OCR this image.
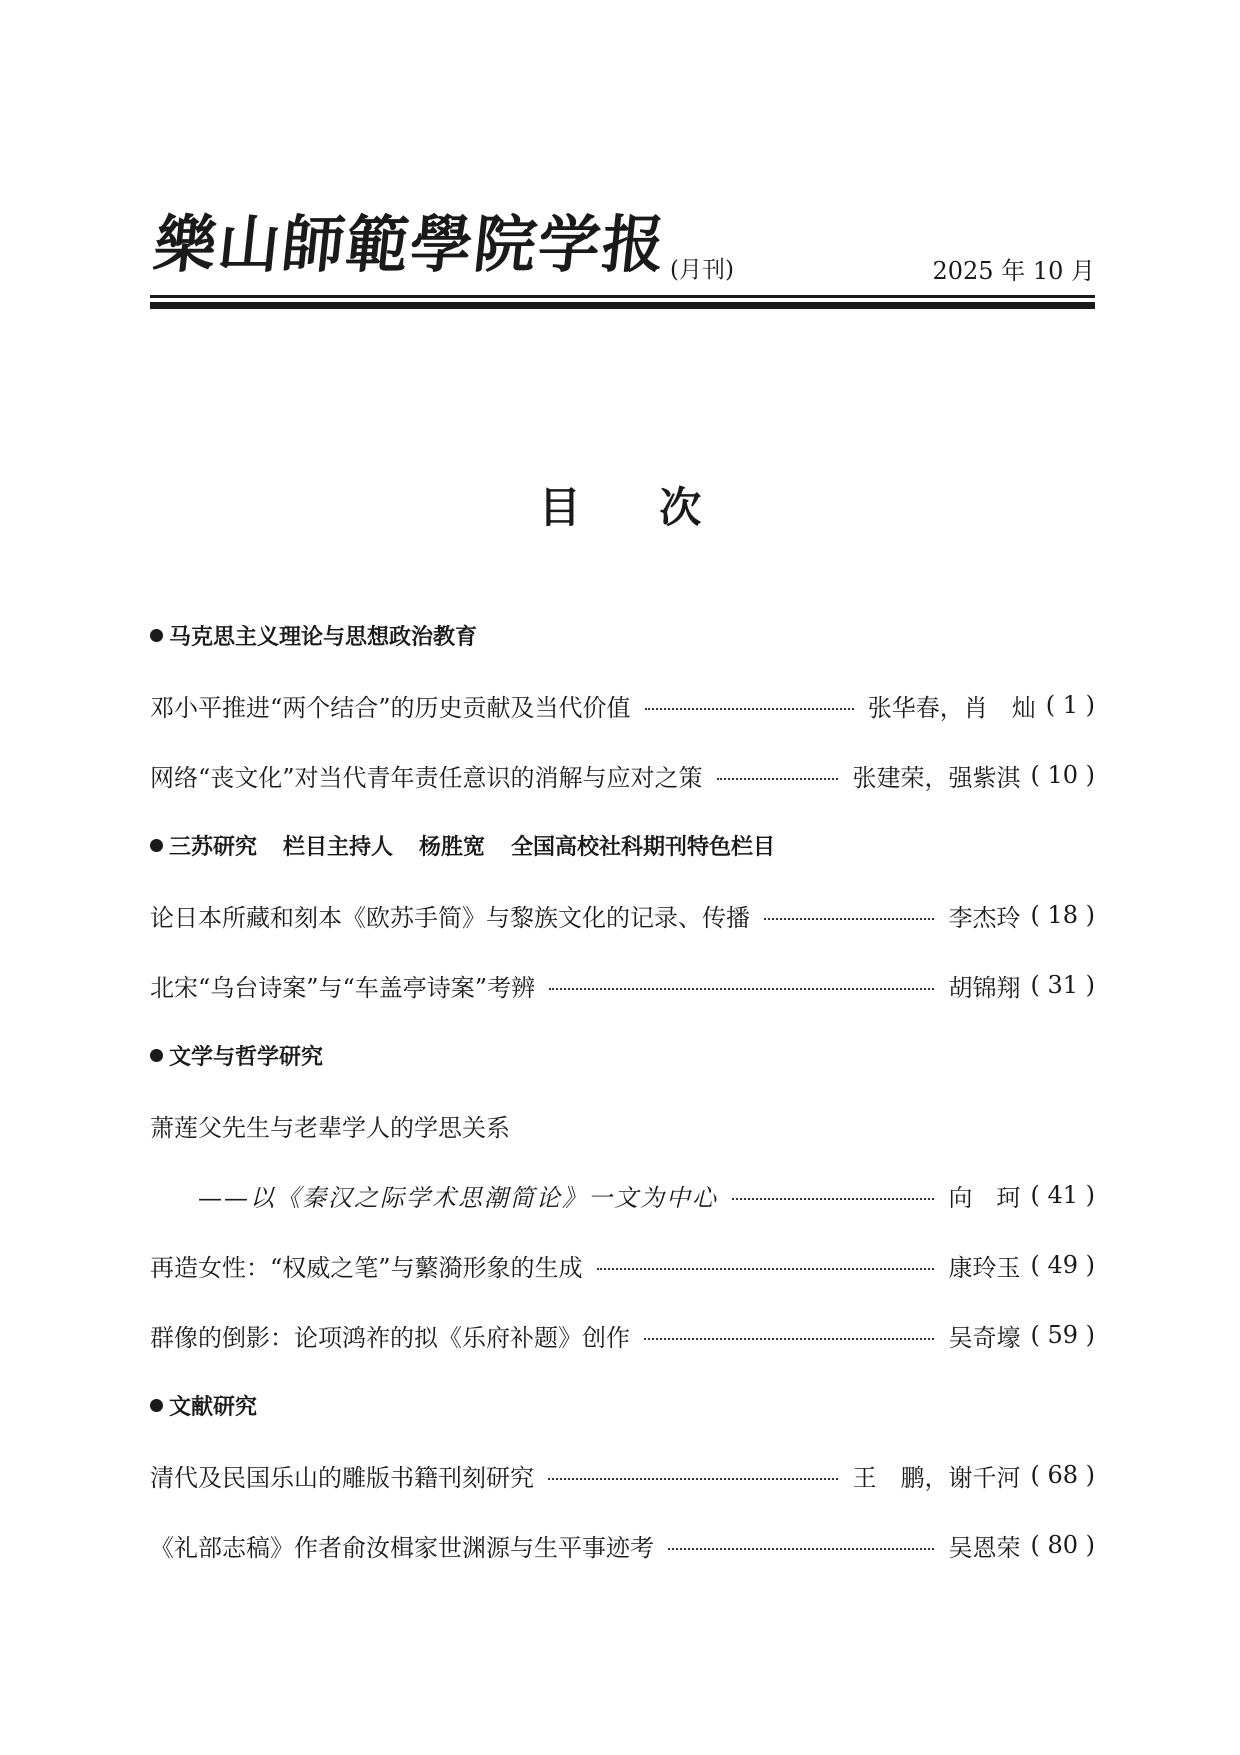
樂山師範學院学报 (月刊)	2025 年 10 月
目 次
马克思主义理论与思想政治教育
邓小平推进“两个结合”的历史贡献及当代价值	张华春，肖　灿 ( 1 )
网络“丧文化”对当代青年责任意识的消解与应对之策	张建荣，强紫淇 ( 10 )
三苏研究 栏目主持人 杨胜宽 全国高校社科期刊特色栏目
论日本所藏和刻本《欧苏手简》与黎族文化的记录、传播	李杰玲 ( 18 )
北宋“乌台诗案”与“车盖亭诗案”考辨	胡锦翔 ( 31 )
文学与哲学研究
萧莲父先生与老辈学人的学思关系
——以《秦汉之际学术思潮简论》一文为中心	向　珂 ( 41 )
再造女性：“权威之笔”与蘩漪形象的生成	康玲玉 ( 49 )
群像的倒影：论项鸿祚的拟《乐府补题》创作	吴奇壕 ( 59 )
文献研究
清代及民国乐山的雕版书籍刊刻研究	王　鹏，谢千河 ( 68 )
《礼部志稿》作者俞汝楫家世渊源与生平事迹考	吴恩荣 ( 80 )
